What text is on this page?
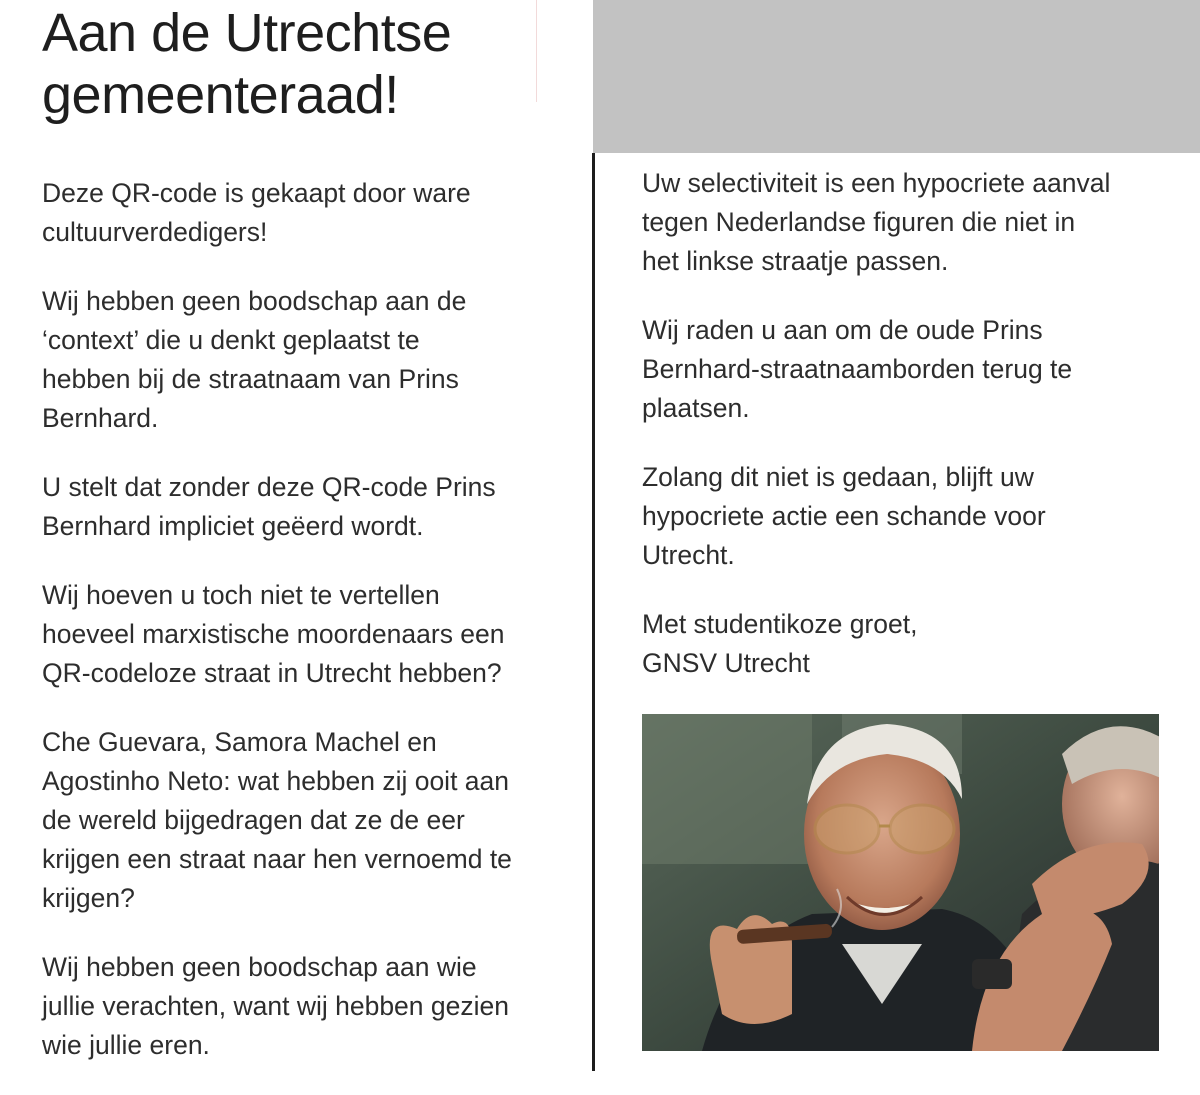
Aan de Utrechtse
gemeenteraad!

Deze QR-code is gekaapt door ware
cultuurverdedigers!

Wij hebben geen boodschap aan de
‘context’ die u denkt geplaatst te
hebben bij de straatnaam van Prins
Bernhard.

U stelt dat zonder deze QR-code Prins
Bernhard impliciet geëerd wordt.

Wij hoeven u toch niet te vertellen
hoeveel marxistische moordenaars een
QR-codeloze straat in Utrecht hebben?

Che Guevara, Samora Machel en
Agostinho Neto: wat hebben zij ooit aan
de wereld bijgedragen dat ze de eer
krijgen een straat naar hen vernoemd te
krijgen?

Wij hebben geen boodschap aan wie
jullie verachten, want wij hebben gezien
wie jullie eren.

Uw selectiviteit is een hypocriete aanval
tegen Nederlandse figuren die niet in
het linkse straatje passen.

Wij raden u aan om de oude Prins
Bernhard-straatnaamborden terug te
plaatsen.

Zolang dit niet is gedaan, blijft uw
hypocriete actie een schande voor
Utrecht.

Met studentikoze groet,
GNSV Utrecht
